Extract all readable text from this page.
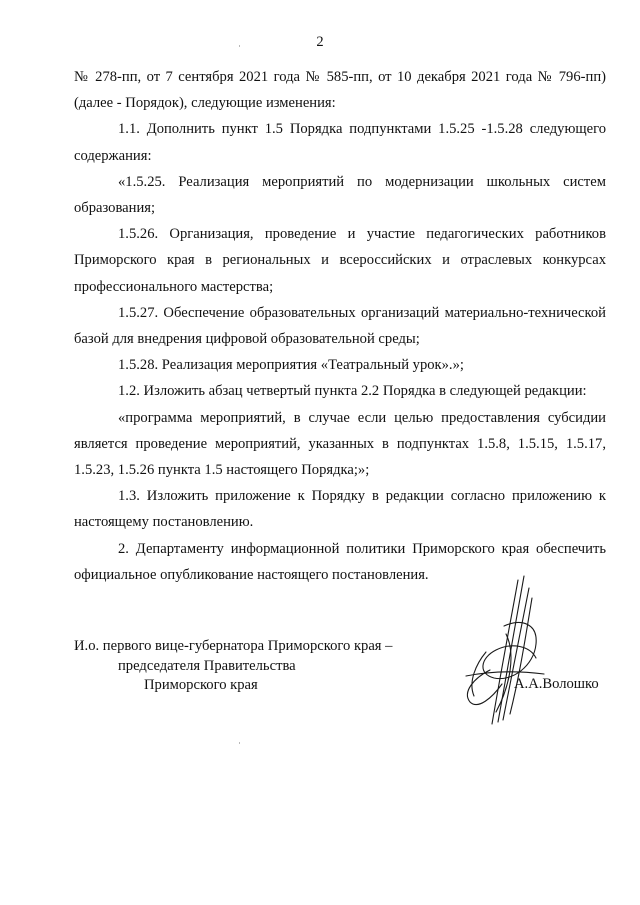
2

№ 278-пп, от 7 сентября 2021 года № 585-пп, от 10 декабря 2021 года № 796-пп) (далее - Порядок), следующие изменения:

1.1. Дополнить пункт 1.5 Порядка подпунктами 1.5.25 -1.5.28 следующего содержания:

«1.5.25. Реализация мероприятий по модернизации школьных систем образования;

1.5.26. Организация, проведение и участие педагогических работников Приморского края в региональных и всероссийских и отраслевых конкурсах профессионального мастерства;

1.5.27. Обеспечение образовательных организаций материально-технической базой для внедрения цифровой образовательной среды;

1.5.28. Реализация мероприятия «Театральный урок».»;

1.2. Изложить абзац четвертый пункта 2.2 Порядка в следующей редакции:

«программа мероприятий, в случае если целью предоставления субсидии является проведение мероприятий, указанных в подпунктах 1.5.8, 1.5.15, 1.5.17, 1.5.23, 1.5.26 пункта 1.5 настоящего Порядка;»;

1.3. Изложить приложение к Порядку в редакции согласно приложению к настоящему постановлению.

2. Департаменту информационной политики Приморского края обеспечить официальное опубликование настоящего постановления.

И.о. первого вице-губернатора Приморского края –
председателя Правительства
Приморского края	А.А.Волошко
